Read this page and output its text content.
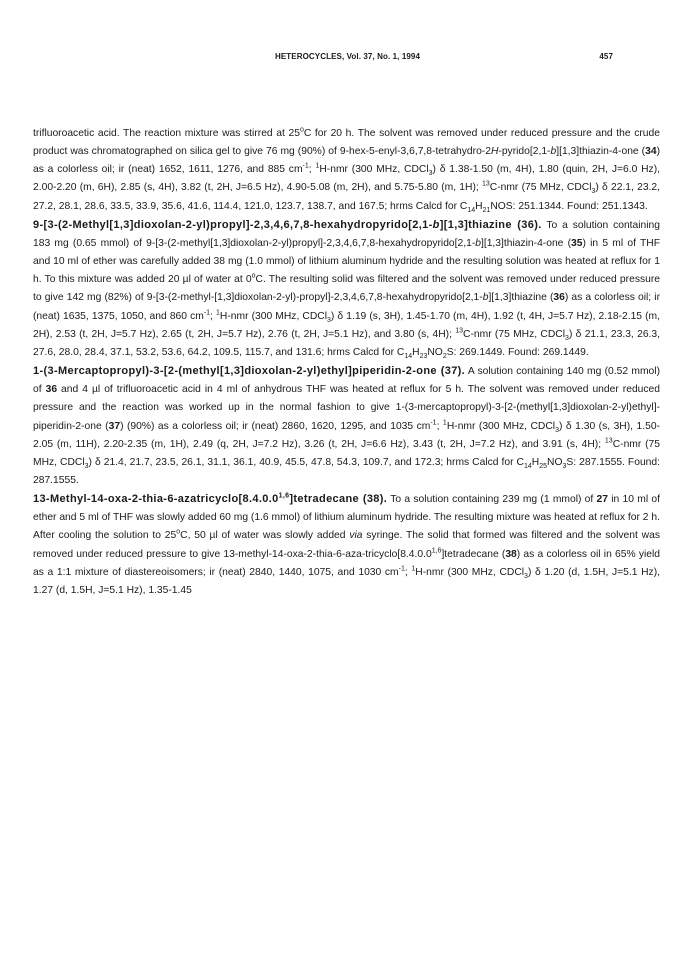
HETEROCYCLES, Vol. 37, No. 1, 1994	457

trifluoroacetic acid. The reaction mixture was stirred at 25$^o$C for 20 h. The solvent was removed under reduced pressure and the crude product was chromatographed on silica gel to give 76 mg (90%) of 9-hex-5-enyl-3,6,7,8-tetrahydro-2H-pyrido[2,1-b][1,3]thiazin-4-one (34) as a colorless oil; ir (neat) 1652, 1611, 1276, and 885 $cm^{-1}$; $^1$H-nmr (300 MHz, CDCl$_3$) δ 1.38-1.50 (m, 4H), 1.80 (quin, 2H, J=6.0 Hz), 2.00-2.20 (m, 6H), 2.85 (s, 4H), 3.82 (t, 2H, J=6.5 Hz), 4.90-5.08 (m, 2H), and 5.75-5.80 (m, 1H); $^{13}$C-nmr (75 MHz, CDCl$_3$) δ 22.1, 23.2, 27.2, 28.1, 28.6, 33.5, 33.9, 35.6, 41.6, 114.4, 121.0, 123.7, 138.7, and 167.5; hrms Calcd for $C_{14}H_{21}NOS$: 251.1344. Found: 251.1343.

9-[3-(2-Methyl[1,3]dioxolan-2-yl)propyl]-2,3,4,6,7,8-hexahydropyrido[2,1-b][1,3]thiazine (36). To a solution containing 183 mg (0.65 mmol) of 9-[3-(2-methyl[1,3]dioxolan-2-yl)propyl]-2,3,4,6,7,8-hexahydropyrido[2,1-b][1,3]thiazin-4-one (35) in 5 ml of THF and 10 ml of ether was carefully added 38 mg (1.0 mmol) of lithium aluminum hydride and the resulting solution was heated at reflux for 1 h. To this mixture was added 20 µl of water at 0$^o$C. The resulting solid was filtered and the solvent was removed under reduced pressure to give 142 mg (82%) of 9-[3-(2-methyl-[1,3]dioxolan-2-yl)-propyl]-2,3,4,6,7,8-hexahydropyrido[2,1-b][1,3]thiazine (36) as a colorless oil; ir (neat) 1635, 1375, 1050, and 860 $cm^{-1}$; $^1$H-nmr (300 MHz, CDCl$_3$) δ 1.19 (s, 3H), 1.45-1.70 (m, 4H), 1.92 (t, 4H, J=5.7 Hz), 2.18-2.15 (m, 2H), 2.53 (t, 2H, J=5.7 Hz), 2.65 (t, 2H, J=5.7 Hz), 2.76 (t, 2H, J=5.1 Hz), and 3.80 (s, 4H); $^{13}$C-nmr (75 MHz, CDCl$_3$) δ 21.1, 23.3, 26.3, 27.6, 28.0, 28.4, 37.1, 53.2, 53.6, 64.2, 109.5, 115.7, and 131.6; hrms Calcd for $C_{14}H_{23}NO_2S$: 269.1449. Found: 269.1449.

1-(3-Mercaptopropyl)-3-[2-(methyl[1,3]dioxolan-2-yl)ethyl]piperidin-2-one (37). A solution containing 140 mg (0.52 mmol) of 36 and 4 µl of trifluoroacetic acid in 4 ml of anhydrous THF was heated at reflux for 5 h. The solvent was removed under reduced pressure and the reaction was worked up in the normal fashion to give 1-(3-mercaptopropyl)-3-[2-(methyl[1,3]dioxolan-2-yl)ethyl]-piperidin-2-one (37) (90%) as a colorless oil; ir (neat) 2860, 1620, 1295, and 1035 $cm^{-1}$; $^1$H-nmr (300 MHz, CDCl$_3$) δ 1.30 (s, 3H), 1.50-2.05 (m, 11H), 2.20-2.35 (m, 1H), 2.49 (q, 2H, J=7.2 Hz), 3.26 (t, 2H, J=6.6 Hz), 3.43 (t, 2H, J=7.2 Hz), and 3.91 (s, 4H); $^{13}$C-nmr (75 MHz, CDCl$_3$) δ 21.4, 21.7, 23.5, 26.1, 31.1, 36.1, 40.9, 45.5, 47.8, 54.3, 109.7, and 172.3; hrms Calcd for $C_{14}H_{25}NO_3S$: 287.1555. Found: 287.1555.

13-Methyl-14-oxa-2-thia-6-azatricyclo[8.4.0.0$^{1,6}$]tetradecane (38). To a solution containing 239 mg (1 mmol) of 27 in 10 ml of ether and 5 ml of THF was slowly added 60 mg (1.6 mmol) of lithium aluminum hydride. The resulting mixture was heated at reflux for 2 h. After cooling the solution to 25$^o$C, 50 µl of water was slowly added via syringe. The solid that formed was filtered and the solvent was removed under reduced pressure to give 13-methyl-14-oxa-2-thia-6-aza-tricyclo[8.4.0.0$^{1,6}$]tetradecane (38) as a colorless oil in 65% yield as a 1:1 mixture of diastereoisomers; ir (neat) 2840, 1440, 1075, and 1030 $cm^{-1}$; $^1$H-nmr (300 MHz, CDCl$_3$) δ 1.20 (d, 1.5H, J=5.1 Hz), 1.27 (d, 1.5H, J=5.1 Hz), 1.35-1.45
